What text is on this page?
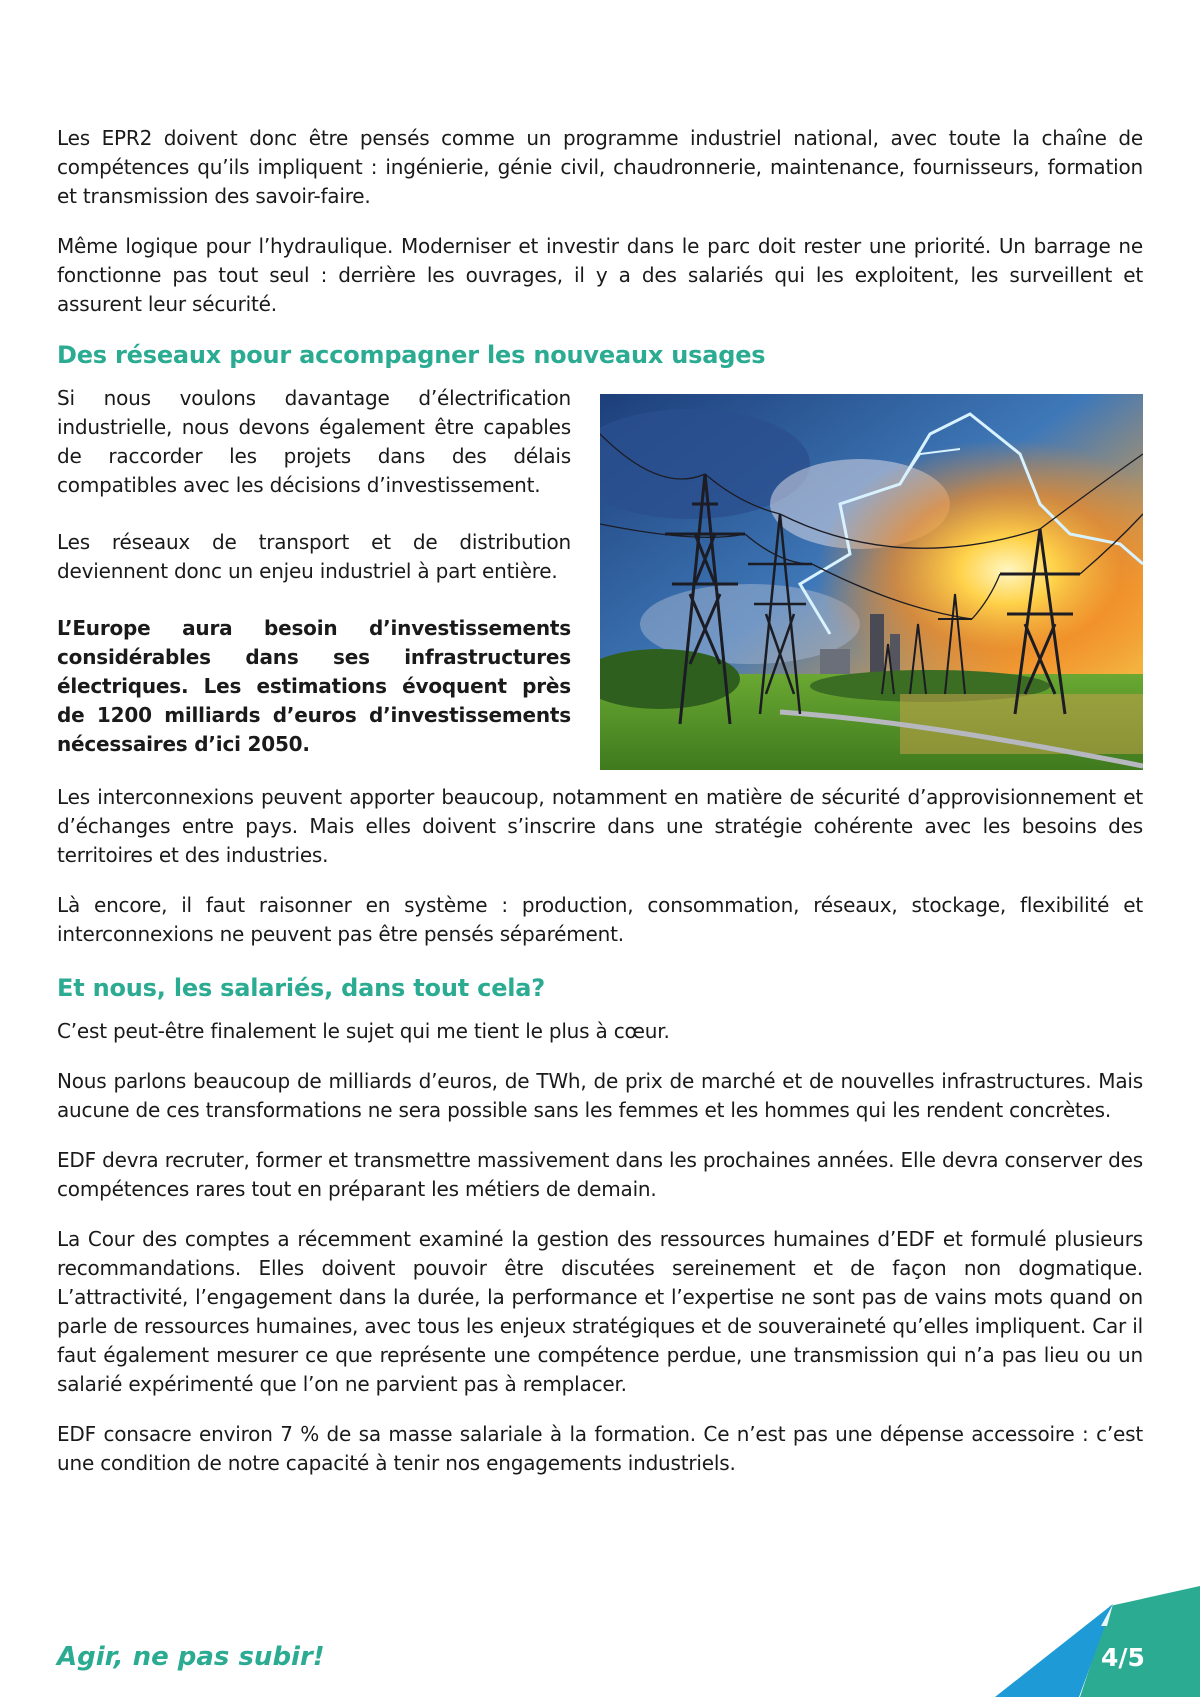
Les EPR2 doivent donc être pensés comme un programme industriel national, avec toute la chaîne de compétences qu’ils impliquent : ingénierie, génie civil, chaudronnerie, maintenance, fournisseurs, formation et transmission des savoir-faire.

Même logique pour l’hydraulique. Moderniser et investir dans le parc doit rester une priorité. Un barrage ne fonctionne pas tout seul : derrière les ouvrages, il y a des salariés qui les exploitent, les surveillent et assurent leur sécurité.

Des réseaux pour accompagner les nouveaux usages

Si nous voulons davantage d’électrification industrielle, nous devons également être capables de raccorder les projets dans des délais compatibles avec les décisions d’investissement.

Les réseaux de transport et de distribution deviennent donc un enjeu industriel à part entière.

L’Europe aura besoin d’investissements considérables dans ses infrastructures électriques. Les estimations évoquent près de 1200 milliards d’euros d’investissements nécessaires d’ici 2050.

Les interconnexions peuvent apporter beaucoup, notamment en matière de sécurité d’approvisionnement et d’échanges entre pays. Mais elles doivent s’inscrire dans une stratégie cohérente avec les besoins des territoires et des industries.

Là encore, il faut raisonner en système : production, consommation, réseaux, stockage, flexibilité et interconnexions ne peuvent pas être pensés séparément.

Et nous, les salariés, dans tout cela?

C’est peut-être finalement le sujet qui me tient le plus à cœur.

Nous parlons beaucoup de milliards d’euros, de TWh, de prix de marché et de nouvelles infrastructures. Mais aucune de ces transformations ne sera possible sans les femmes et les hommes qui les rendent concrètes.

EDF devra recruter, former et transmettre massivement dans les prochaines années. Elle devra conserver des compétences rares tout en préparant les métiers de demain.

La Cour des comptes a récemment examiné la gestion des ressources humaines d’EDF et formulé plusieurs recommandations. Elles doivent pouvoir être discutées sereinement et de façon non dogmatique. L’attractivité, l’engagement dans la durée, la performance et l’expertise ne sont pas de vains mots quand on parle de ressources humaines, avec tous les enjeux stratégiques et de souveraineté qu’elles impliquent. Car il faut également mesurer ce que représente une compétence perdue, une transmission qui n’a pas lieu ou un salarié expérimenté que l’on ne parvient pas à remplacer.

EDF consacre environ 7 % de sa masse salariale à la formation. Ce n’est pas une dépense accessoire : c’est une condition de notre capacité à tenir nos engagements industriels.

Agir, ne pas subir!	4/5
